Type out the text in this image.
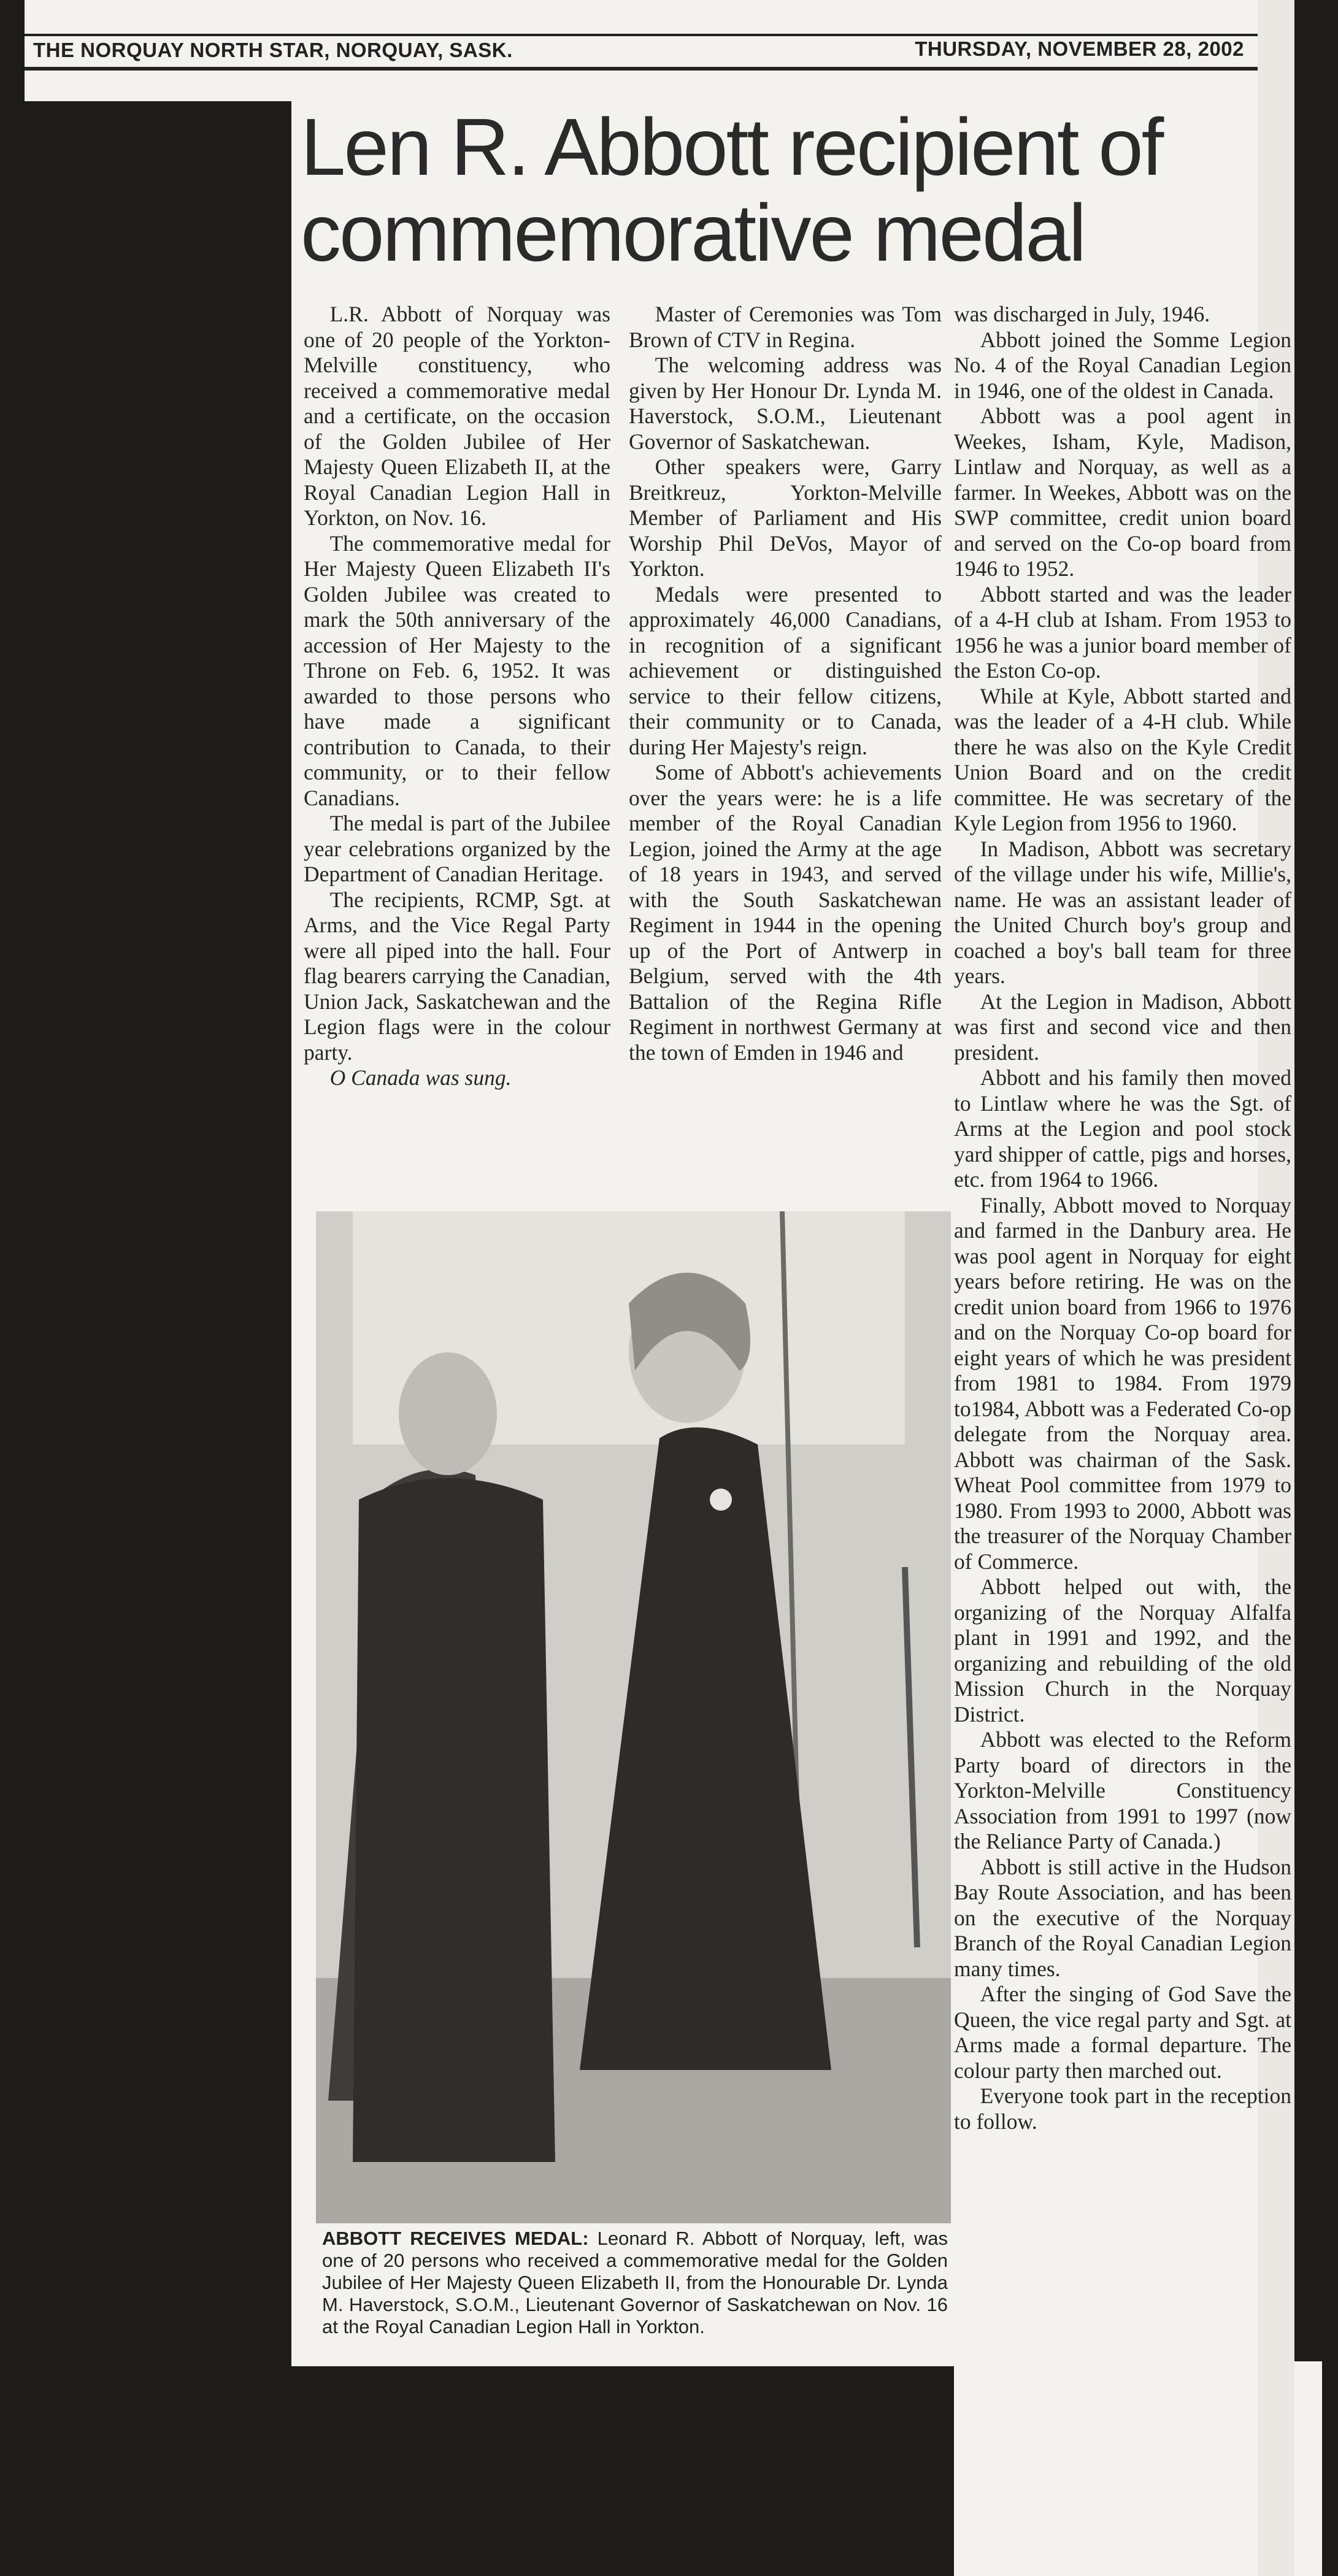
THE NORQUAY NORTH STAR, NORQUAY, SASK.	THURSDAY, NOVEMBER 28, 2002
Len R. Abbott recipient of commemorative medal

L.R. Abbott of Norquay was one of 20 people of the Yorkton-Melville constituency, who received a commemorative medal and a certificate, on the occasion of the Golden Jubilee of Her Majesty Queen Elizabeth II, at the Royal Canadian Legion Hall in Yorkton, on Nov. 16.

The commemorative medal for Her Majesty Queen Elizabeth II's Golden Jubilee was created to mark the 50th anniversary of the accession of Her Majesty to the Throne on Feb. 6, 1952. It was awarded to those persons who have made a significant contribution to Canada, to their community, or to their fellow Canadians.

The medal is part of the Jubilee year celebrations organized by the Department of Canadian Heritage.

The recipients, RCMP, Sgt. at Arms, and the Vice Regal Party were all piped into the hall. Four flag bearers carrying the Canadian, Union Jack, Saskatchewan and the Legion flags were in the colour party.

O Canada was sung.

Master of Ceremonies was Tom Brown of CTV in Regina.

The welcoming address was given by Her Honour Dr. Lynda M. Haverstock, S.O.M., Lieutenant Governor of Saskatchewan.

Other speakers were, Garry Breitkreuz, Yorkton-Melville Member of Parliament and His Worship Phil DeVos, Mayor of Yorkton.

Medals were presented to approximately 46,000 Canadians, in recognition of a significant achievement or distinguished service to their fellow citizens, their community or to Canada, during Her Majesty's reign.

Some of Abbott's achievements over the years were: he is a life member of the Royal Canadian Legion, joined the Army at the age of 18 years in 1943, and served with the South Saskatchewan Regiment in 1944 in the opening up of the Port of Antwerp in Belgium, served with the 4th Battalion of the Regina Rifle Regiment in northwest Germany at the town of Emden in 1946 and

was discharged in July, 1946.

Abbott joined the Somme Legion No. 4 of the Royal Canadian Legion in 1946, one of the oldest in Canada.

Abbott was a pool agent in Weekes, Isham, Kyle, Madison, Lintlaw and Norquay, as well as a farmer. In Weekes, Abbott was on the SWP committee, credit union board and served on the Co-op board from 1946 to 1952.

Abbott started and was the leader of a 4-H club at Isham. From 1953 to 1956 he was a junior board member of the Eston Co-op.

While at Kyle, Abbott started and was the leader of a 4-H club. While there he was also on the Kyle Credit Union Board and on the credit committee. He was secretary of the Kyle Legion from 1956 to 1960.

In Madison, Abbott was secretary of the village under his wife, Millie's, name. He was an assistant leader of the United Church boy's group and coached a boy's ball team for three years.

At the Legion in Madison, Abbott was first and second vice and then president.

Abbott and his family then moved to Lintlaw where he was the Sgt. of Arms at the Legion and pool stock yard shipper of cattle, pigs and horses, etc. from 1964 to 1966.

Finally, Abbott moved to Norquay and farmed in the Danbury area. He was pool agent in Norquay for eight years before retiring. He was on the credit union board from 1966 to 1976 and on the Norquay Co-op board for eight years of which he was president from 1981 to 1984. From 1979 to1984, Abbott was a Federated Co-op delegate from the Norquay area. Abbott was chairman of the Sask. Wheat Pool committee from 1979 to 1980. From 1993 to 2000, Abbott was the treasurer of the Norquay Chamber of Commerce.

Abbott helped out with, the organizing of the Norquay Alfalfa plant in 1991 and 1992, and the organizing and rebuilding of the old Mission Church in the Norquay District.

Abbott was elected to the Reform Party board of directors in the Yorkton-Melville Constituency Association from 1991 to 1997 (now the Reliance Party of Canada.)

Abbott is still active in the Hudson Bay Route Association, and has been on the executive of the Norquay Branch of the Royal Canadian Legion many times.

After the singing of God Save the Queen, the vice regal party and Sgt. at Arms made a formal departure. The colour party then marched out.

Everyone took part in the reception to follow.

ABBOTT RECEIVES MEDAL: Leonard R. Abbott of Norquay, left, was one of 20 persons who received a commemorative medal for the Golden Jubilee of Her Majesty Queen Elizabeth II, from the Honourable Dr. Lynda M. Haverstock, S.O.M., Lieutenant Governor of Saskatchewan on Nov. 16 at the Royal Canadian Legion Hall in Yorkton.
